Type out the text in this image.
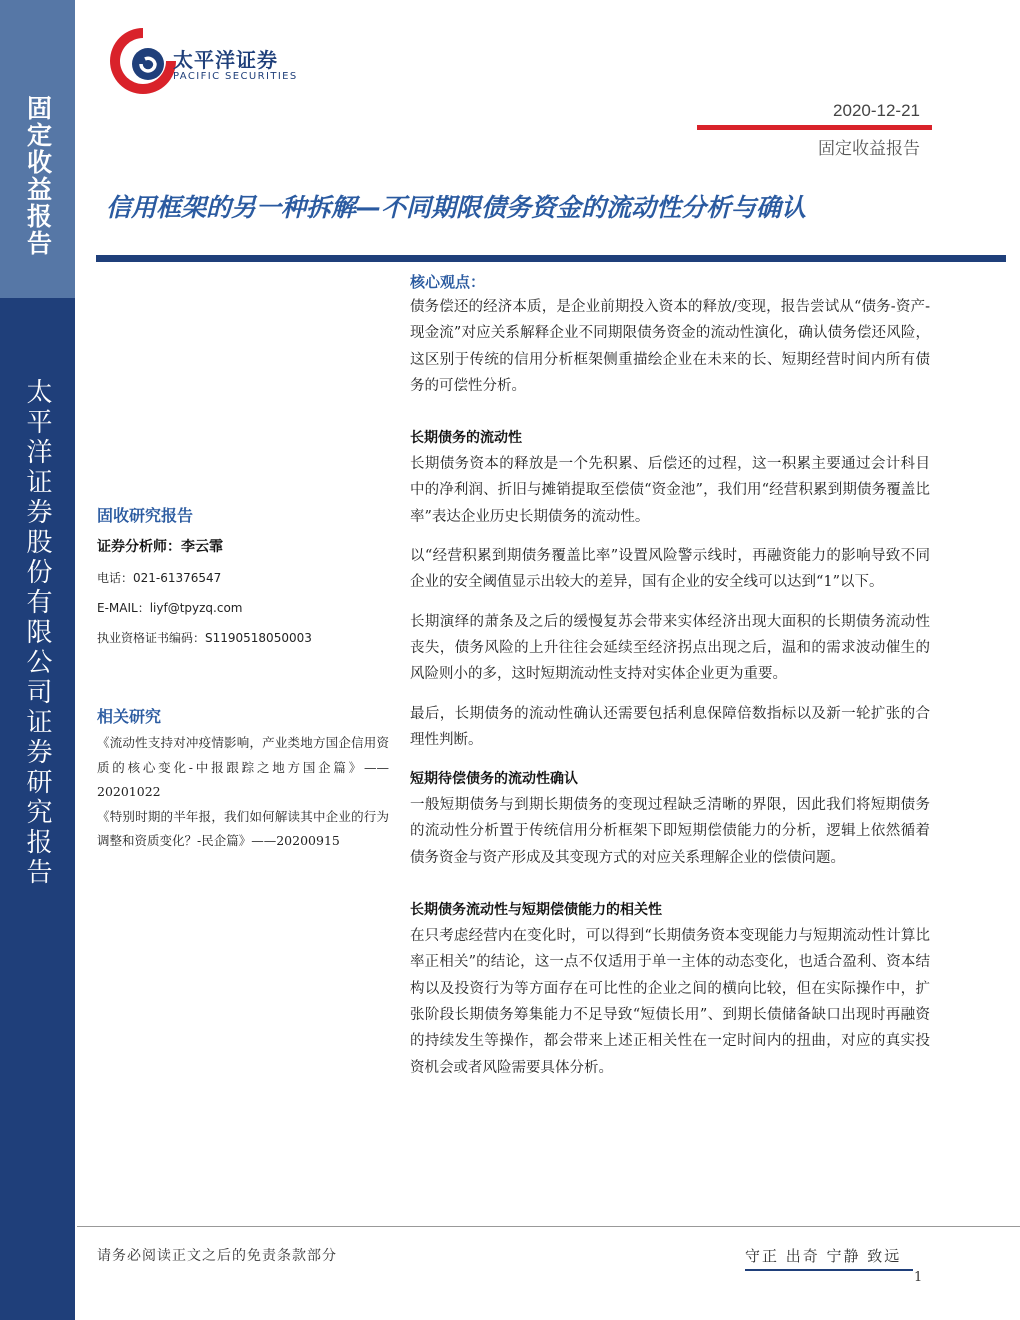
固定收益报告
太平洋证券股份有限公司证券研究报告
太平洋证券
PACIFIC SECURITIES
2020-12-21
固定收益报告
信用框架的另一种拆解—不同期限债务资金的流动性分析与确认
核心观点：

债务偿还的经济本质，是企业前期投入资本的释放/变现，报告尝试从“债务-资产-现金流”对应关系解释企业不同期限债务资金的流动性演化，确认债务偿还风险，这区别于传统的信用分析框架侧重描绘企业在未来的长、短期经营时间内所有债务的可偿性分析。

长期债务的流动性

长期债务资本的释放是一个先积累、后偿还的过程，这一积累主要通过会计科目中的净利润、折旧与摊销提取至偿债“资金池”，我们用“经营积累到期债务覆盖比率”表达企业历史长期债务的流动性。

以“经营积累到期债务覆盖比率”设置风险警示线时，再融资能力的影响导致不同企业的安全阈值显示出较大的差异，国有企业的安全线可以达到“1”以下。

长期演绎的萧条及之后的缓慢复苏会带来实体经济出现大面积的长期债务流动性丧失，债务风险的上升往往会延续至经济拐点出现之后，温和的需求波动催生的风险则小的多，这时短期流动性支持对实体企业更为重要。

最后，长期债务的流动性确认还需要包括利息保障倍数指标以及新一轮扩张的合理性判断。

短期待偿债务的流动性确认

一般短期债务与到期长期债务的变现过程缺乏清晰的界限，因此我们将短期债务的流动性分析置于传统信用分析框架下即短期偿债能力的分析，逻辑上依然循着债务资金与资产形成及其变现方式的对应关系理解企业的偿债问题。

长期债务流动性与短期偿债能力的相关性

在只考虑经营内在变化时，可以得到“长期债务资本变现能力与短期流动性计算比率正相关”的结论，这一点不仅适用于单一主体的动态变化，也适合盈利、资本结构以及投资行为等方面存在可比性的企业之间的横向比较，但在实际操作中，扩张阶段长期债务筹集能力不足导致“短债长用”、到期长债储备缺口出现时再融资的持续发生等操作，都会带来上述正相关性在一定时间内的扭曲，对应的真实投资机会或者风险需要具体分析。

固收研究报告
证券分析师：李云霏
电话：021-61376547
E-MAIL：liyf@tpyzq.com
执业资格证书编码：S1190518050003
相关研究
《流动性支持对冲疫情影响，产业类地方国企信用资质的核心变化-中报跟踪之地方国企篇》——20201022
《特别时期的半年报，我们如何解读其中企业的行为调整和资质变化？-民企篇》——20200915
请务必阅读正文之后的免责条款部分	守正 出奇 宁静 致远
1
